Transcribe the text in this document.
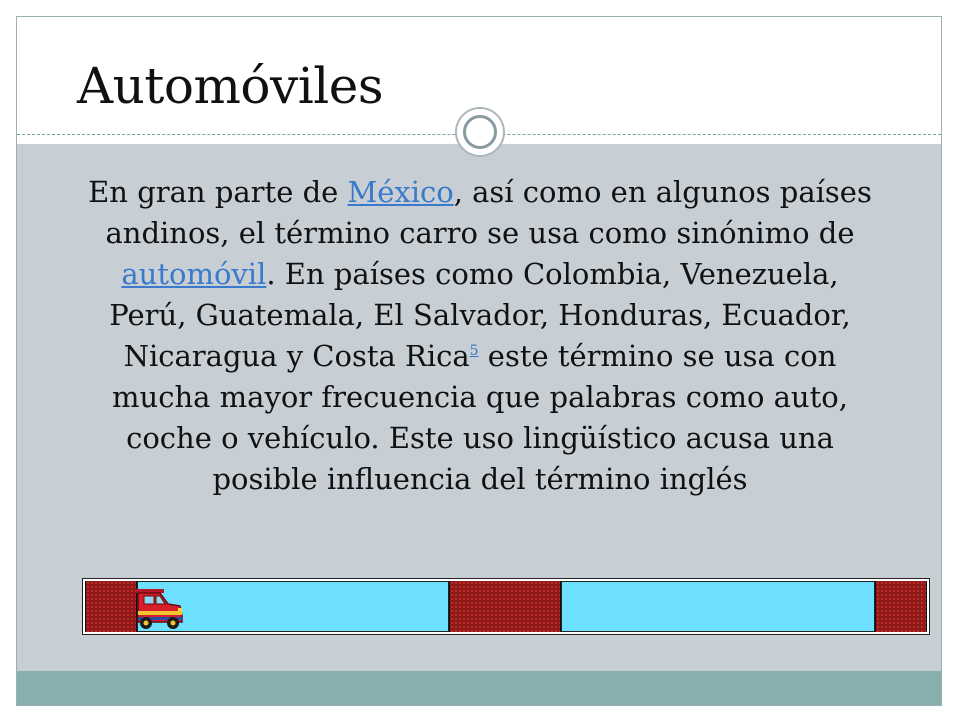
Automóviles

En gran parte de México, así como en algunos países andinos, el término carro se usa como sinónimo de automóvil. En países como Colombia, Venezuela, Perú, Guatemala, El Salvador, Honduras, Ecuador, Nicaragua y Costa Rica$^5$ este término se usa con mucha mayor frecuencia que palabras como auto, coche o vehículo. Este uso lingüístico acusa una posible influencia del término inglés
